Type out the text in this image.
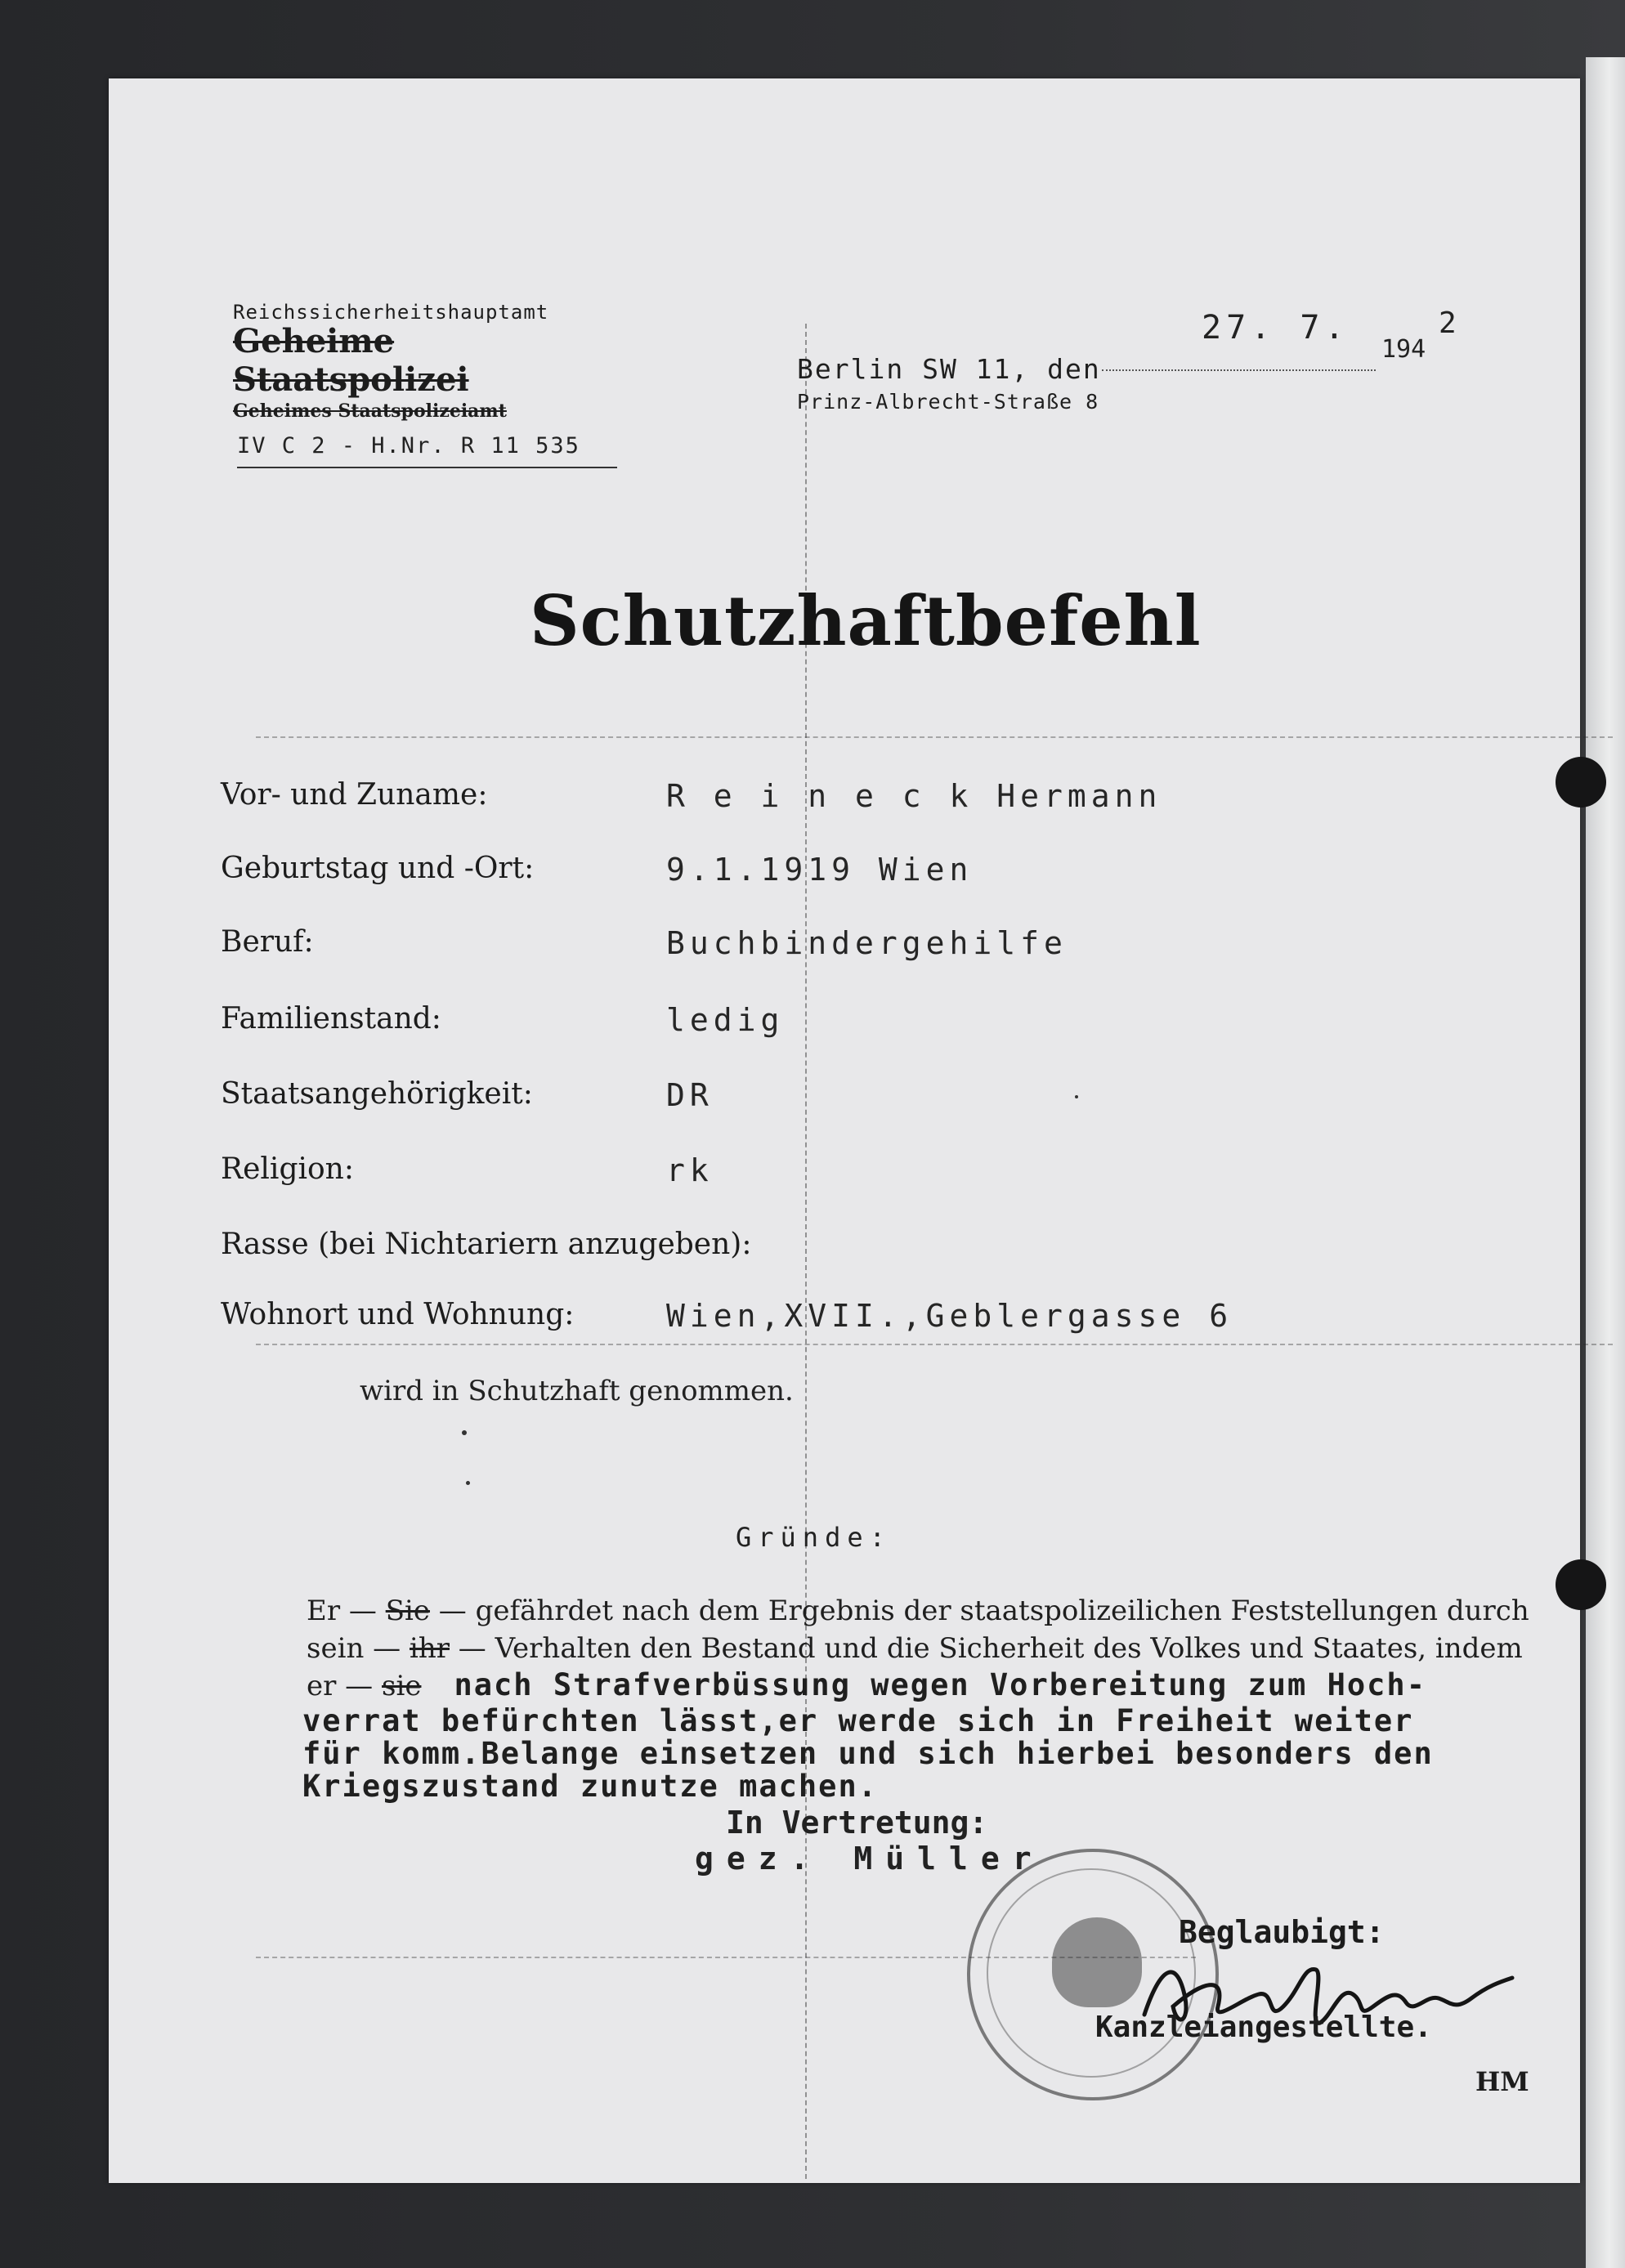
Reichssicherheitshauptamt
Geheime Staatspolizei
Geheimes Staatspolizeiamt
IV C 2 - H.Nr. R 11 535
Berlin SW 11, den
Prinz-Albrecht-Straße 8
27. 7.
194
2
Schutzhaftbefehl
Vor- und Zuname:	R e i n e c k Hermann
Geburtstag und -Ort:	9.1.1919 Wien
Beruf:	Buchbindergehilfe
Familienstand:	ledig
Staatsangehörigkeit:	DR
Religion:	rk
Rasse (bei Nichtariern anzugeben):
Wohnort und Wohnung:	Wien,XVII.,Geblergasse 6
wird in Schutzhaft genommen.
Gründe:
Er — Sie — gefährdet nach dem Ergebnis der staatspolizeilichen Feststellungen durch
sein — ihr — Verhalten den Bestand und die Sicherheit des Volkes und Staates, indem
er — sie nach Strafverbüssung wegen Vorbereitung zum Hoch-
verrat befürchten lässt,er werde sich in Freiheit weiter
für komm.Belange einsetzen und sich hierbei besonders den
Kriegszustand zunutze machen.
In Vertretung:
gez. Müller
Beglaubigt:
Kanzleiangestellte.
HM
